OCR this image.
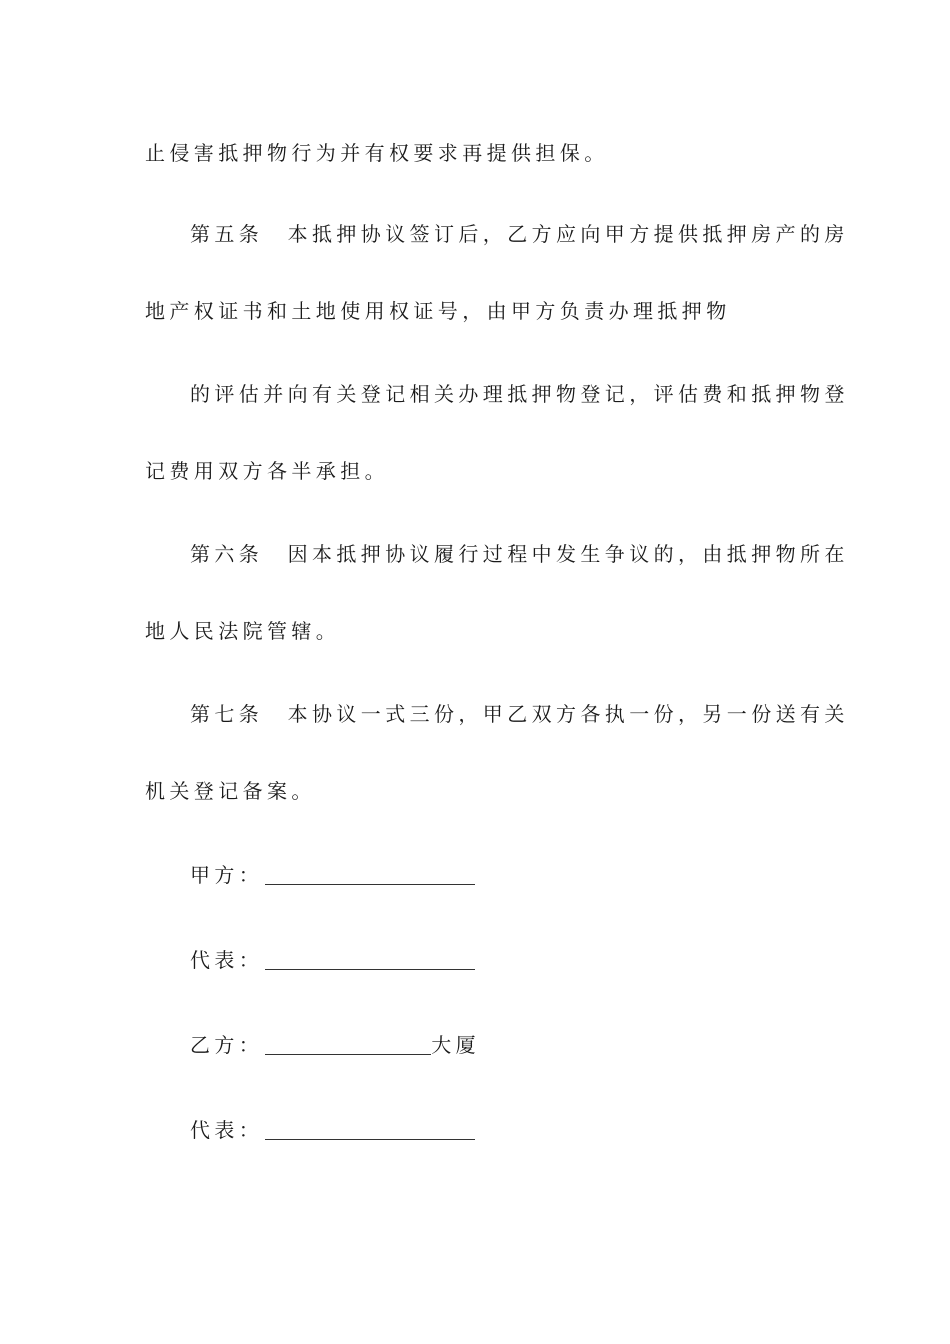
止侵害抵押物行为并有权要求再提供担保。
第五条　本抵押协议签订后，乙方应向甲方提供抵押房产的房
地产权证书和土地使用权证号，由甲方负责办理抵押物
的评估并向有关登记相关办理抵押物登记，评估费和抵押物登
记费用双方各半承担。
第六条　因本抵押协议履行过程中发生争议的，由抵押物所在
地人民法院管辖。
第七条　本协议一式三份，甲乙双方各执一份，另一份送有关
机关登记备案。
甲方：
代表：
乙方：	大厦
代表：
